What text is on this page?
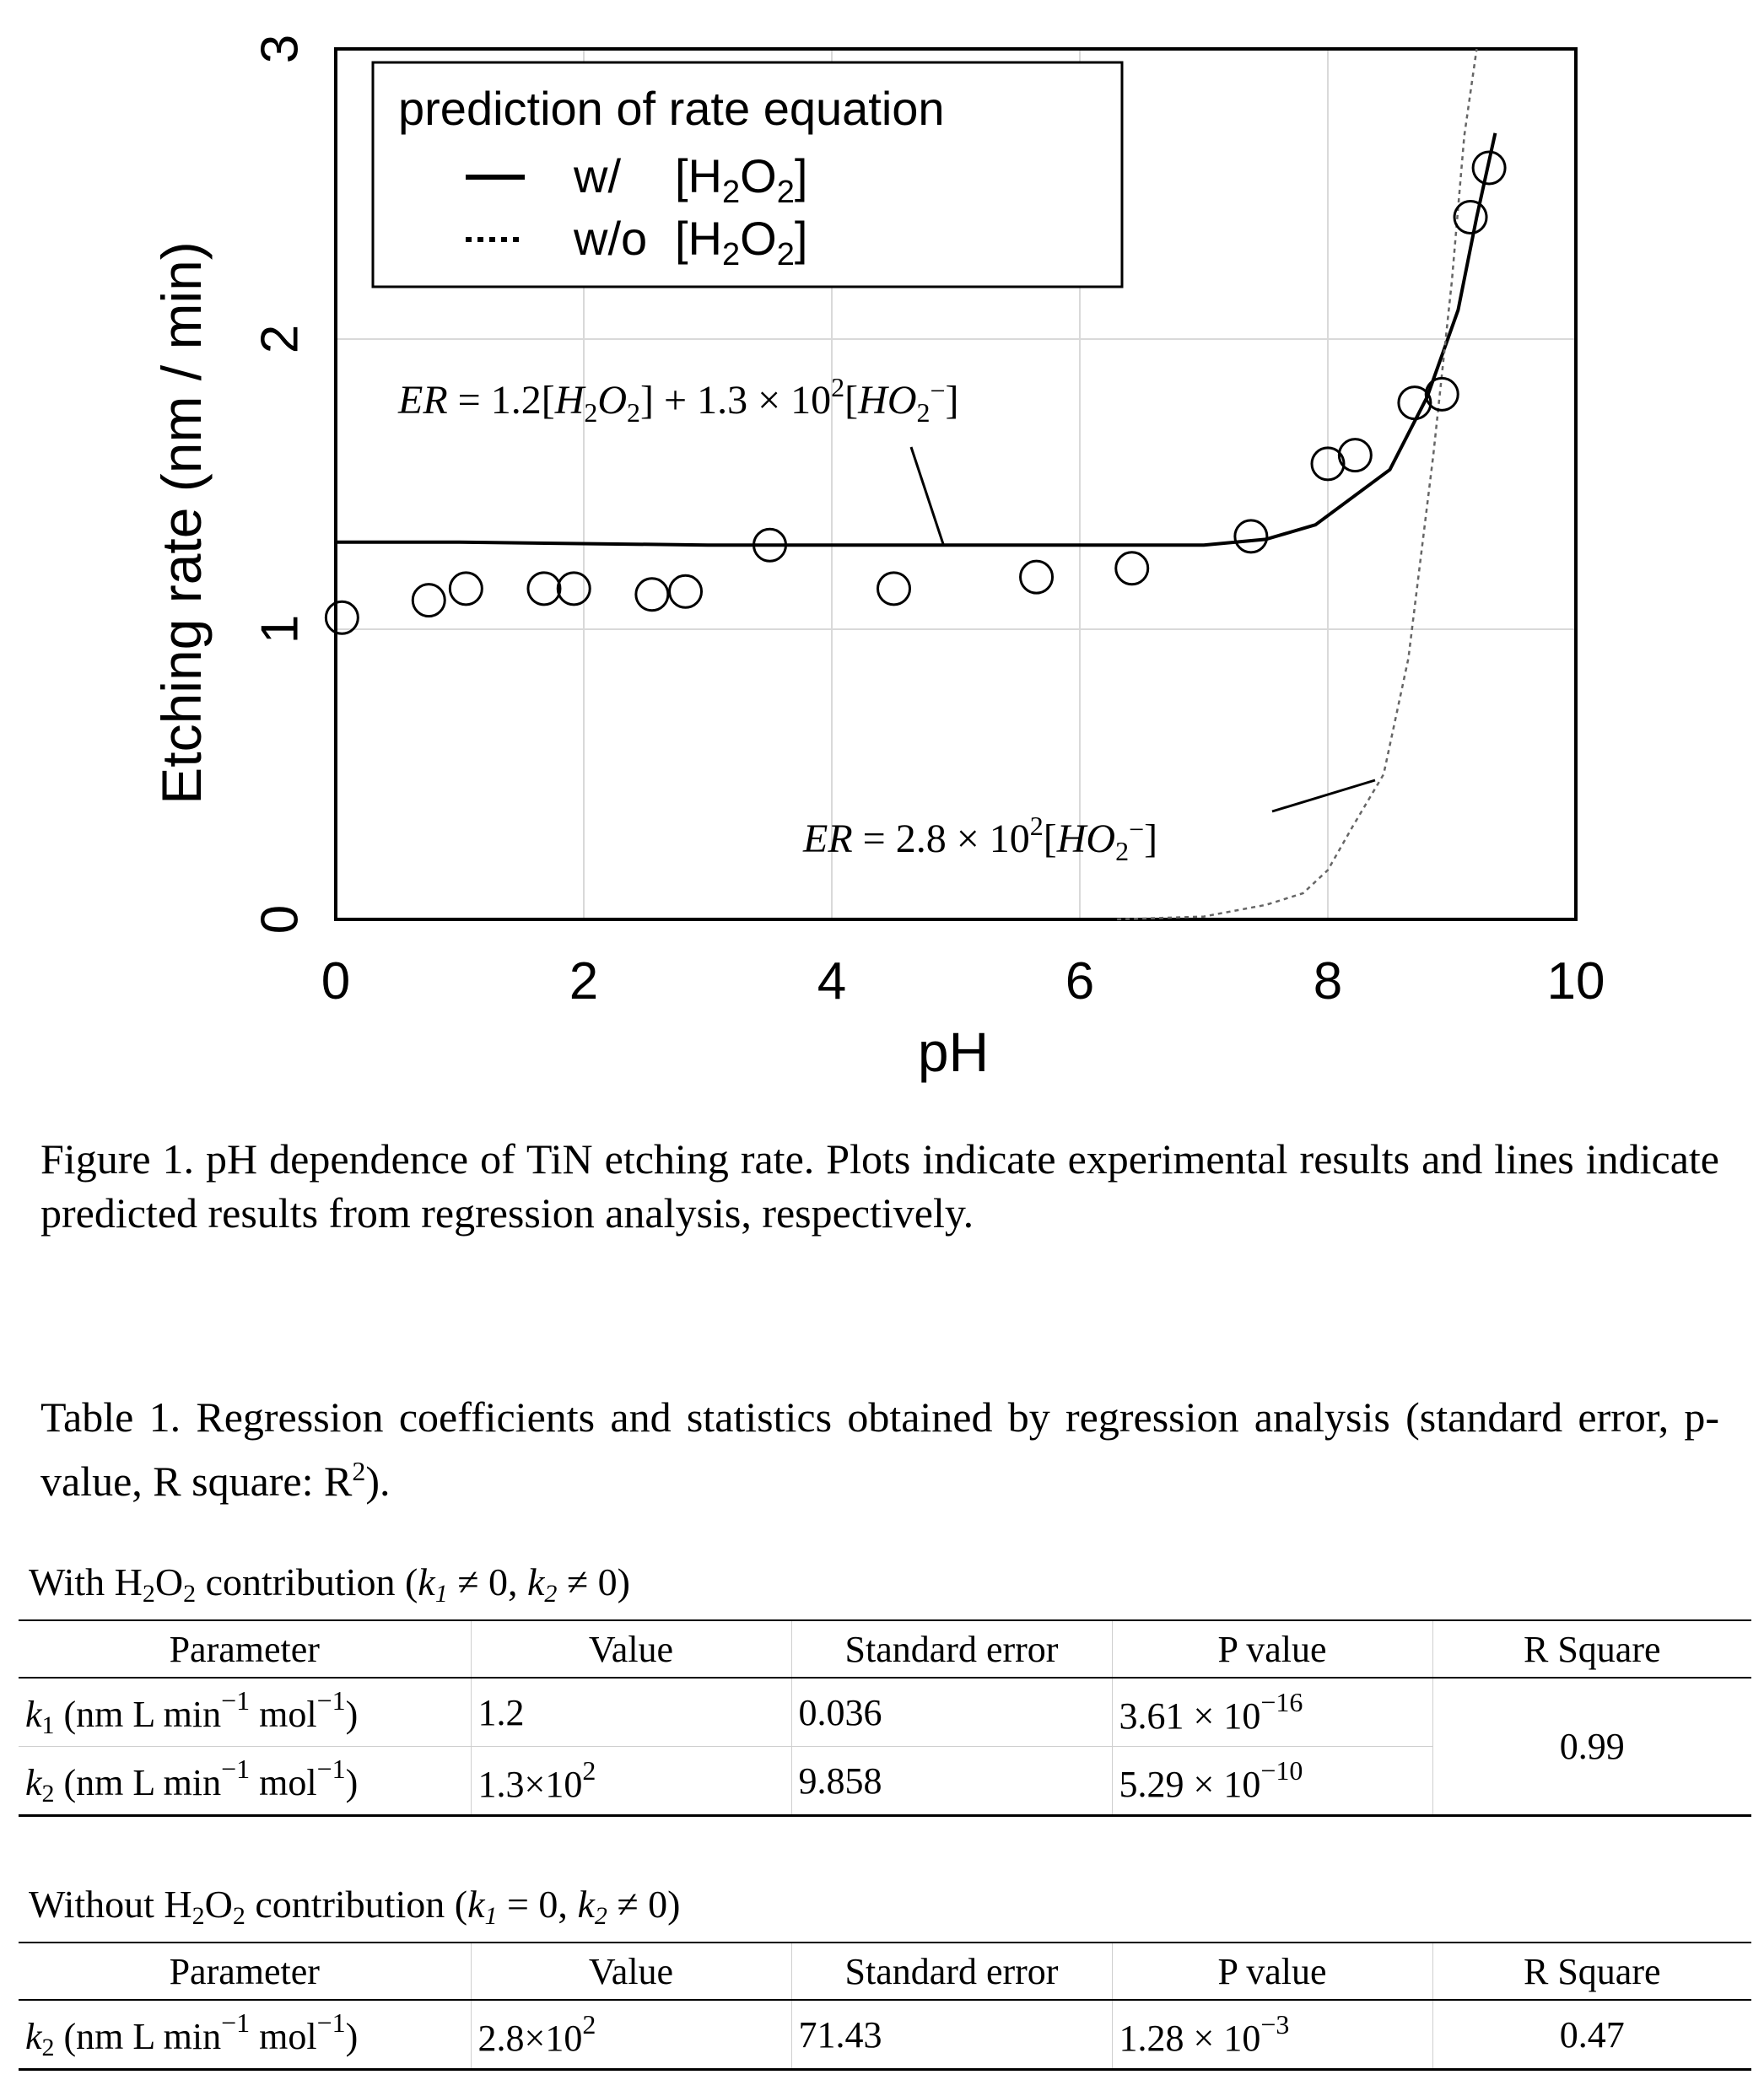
0	2	4	6	8	10
0
1
2
3
pH
Etching rate (nm / min)
prediction of rate equation
w/ $[H_2O_2]$
w/o $[H_2O_2]$
ER = $1.2[H_2O_2] + 1.3 \times 10^2[HO_2^-]$
ER = $2.8 \times 10^2[HO_2^-]$
Figure 1. pH dependence of TiN etching rate. Plots indicate experimental results and lines indicate predicted results from regression analysis, respectively.
Table 1. Regression coefficients and statistics obtained by regression analysis (standard error, p-value, R square: $R^2$).
With $H_2O_2$ contribution ($k_1 \ne 0$, $k_2 \ne 0$)
Parameter	Value	Standard error	P value	R Square
$k_1$ (nm L $\min^{-1} mol^{-1}$)	1.2	0.036	$3.61 \times 10^{-16}$	0.99
$k_2$ (nm L $\min^{-1} mol^{-1}$)	$1.3\times 10^2$	9.858	$5.29 \times 10^{-10}$
Without $H_2O_2$ contribution ($k_1 = 0$, $k_2 \ne 0$)
Parameter	Value	Standard error	P value	R Square
$k_2$ (nm L $\min^{-1} mol^{-1}$)	$2.8\times 10^2$	71.43	$1.28 \times 10^{-3}$	0.47
